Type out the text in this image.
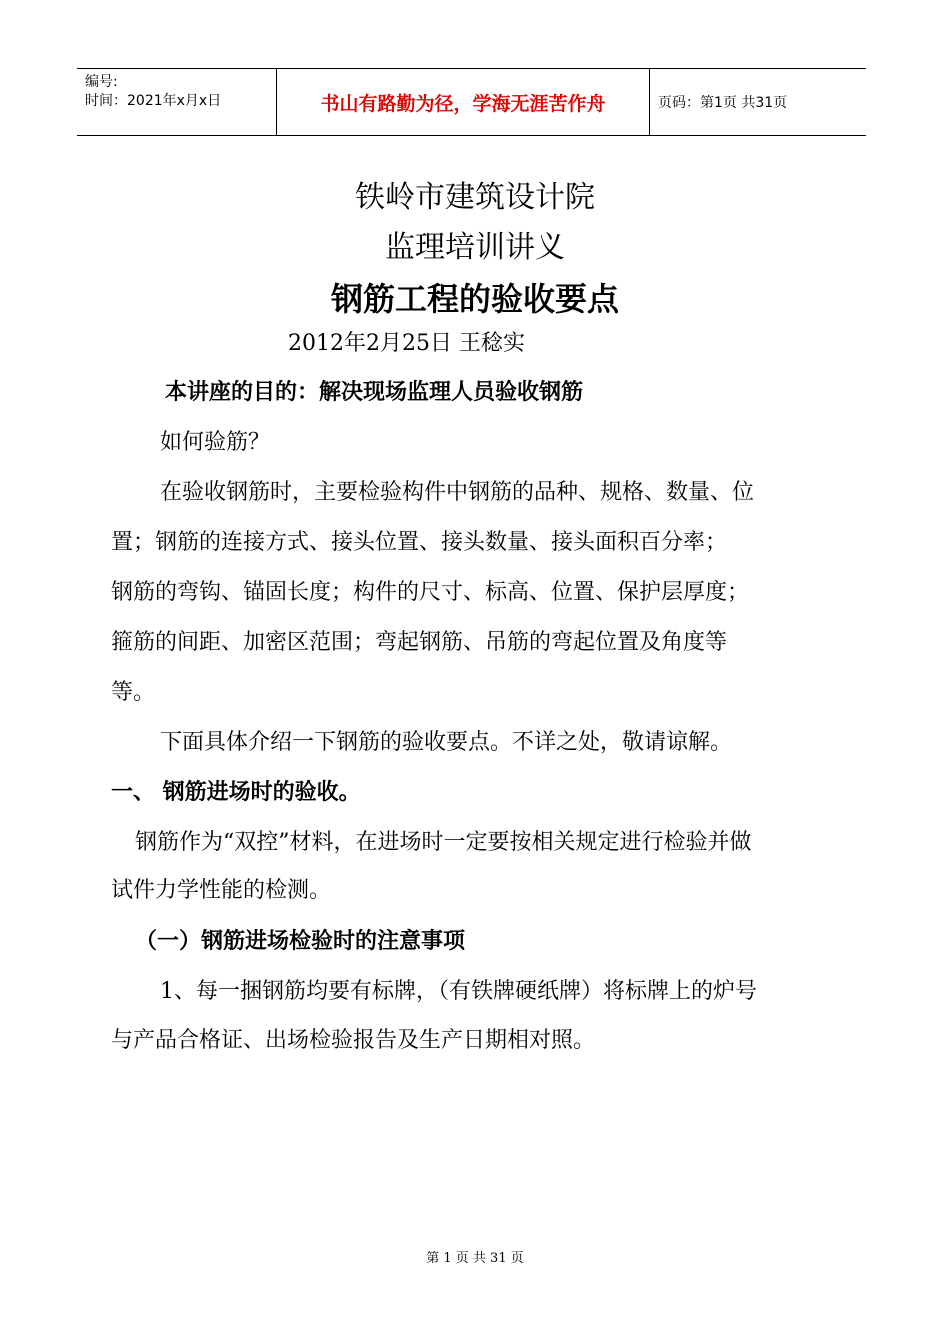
编号:
时间：2021年x月x日	书山有路勤为径，学海无涯苦作舟	页码：第1页 共31页
铁岭市建筑设计院
监理培训讲义
钢筋工程的验收要点
2012年2月25日 王稔实
本讲座的目的：解决现场监理人员验收钢筋
如何验筋？
在验收钢筋时，主要检验构件中钢筋的品种、规格、数量、位
置；钢筋的连接方式、接头位置、接头数量、接头面积百分率；
钢筋的弯钩、锚固长度；构件的尺寸、标高、位置、保护层厚度；
箍筋的间距、加密区范围；弯起钢筋、吊筋的弯起位置及角度等
等。
下面具体介绍一下钢筋的验收要点。不详之处，敬请谅解。
一、 钢筋进场时的验收。
钢筋作为“双控”材料，在进场时一定要按相关规定进行检验并做
试件力学性能的检测。
（一）钢筋进场检验时的注意事项
1、每一捆钢筋均要有标牌，（有铁牌硬纸牌）将标牌上的炉号
与产品合格证、出场检验报告及生产日期相对照。
第 1 页 共 31 页
